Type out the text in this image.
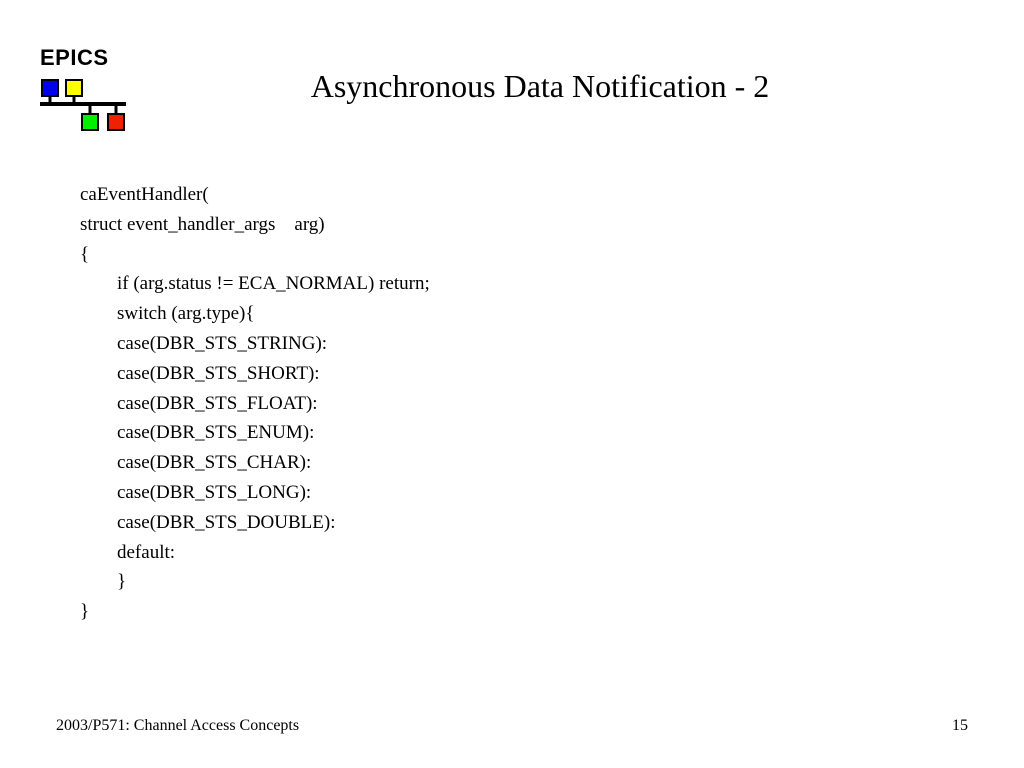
EPICS
Asynchronous Data Notification - 2
caEventHandler(
struct event_handler_args    arg)
{
if (arg.status != ECA_NORMAL) return;
switch (arg.type){
case(DBR_STS_STRING):
case(DBR_STS_SHORT):
case(DBR_STS_FLOAT):
case(DBR_STS_ENUM):
case(DBR_STS_CHAR):
case(DBR_STS_LONG):
case(DBR_STS_DOUBLE):
default:
}
}
2003/P571: Channel Access Concepts	15
